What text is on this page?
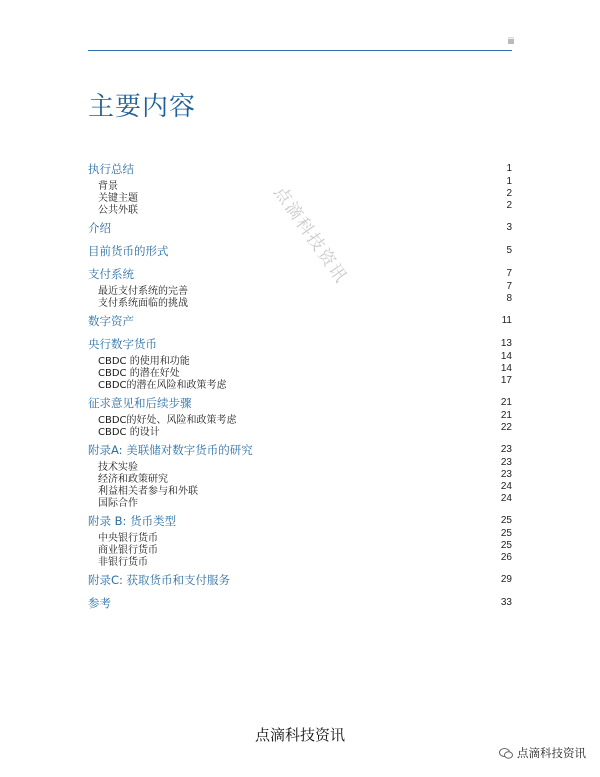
iii
主要内容
执行总结	1
背景	1
关键主题	2
公共外联	2
介绍	3
目前货币的形式	5
支付系统	7
最近支付系统的完善	7
支付系统面临的挑战	8
数字资产	11
央行数字货币	13
CBDC 的使用和功能	14
CBDC 的潜在好处	14
CBDC的潜在风险和政策考虑	17
征求意见和后续步骤	21
CBDC的好处、风险和政策考虑	21
CBDC 的设计	22
附录A: 美联储对数字货币的研究	23
技术实验	23
经济和政策研究	23
利益相关者参与和外联	24
国际合作	24
附录 B: 货币类型	25
中央银行货币	25
商业银行货币	25
非银行货币	26
附录C: 获取货币和支付服务	29
参考	33
点滴科技资讯
点滴科技资讯
点滴科技资讯
